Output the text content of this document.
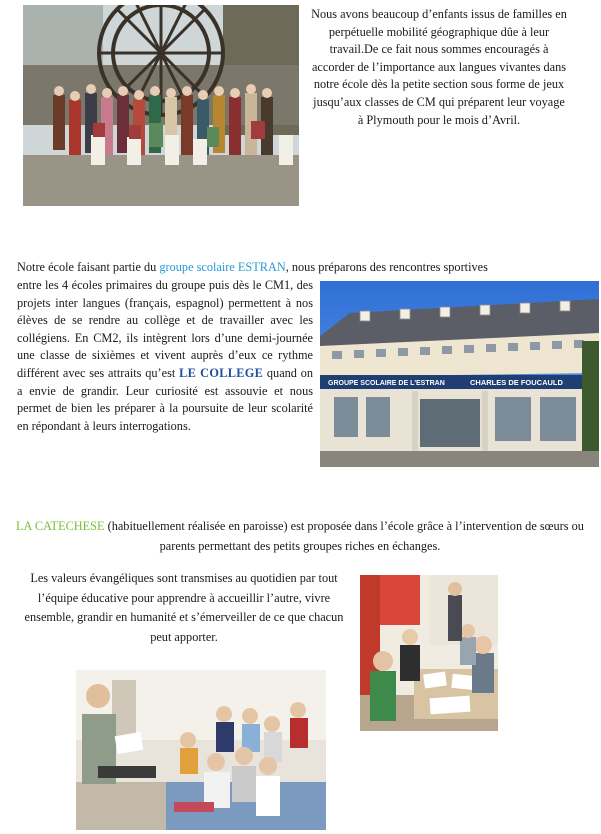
Nous avons beaucoup d’enfants issus de familles en perpétuelle mobilité géographique dûe à leur travail.De ce fait nous sommes encouragés à accorder de l’importance aux langues vivantes dans notre école dès la petite section sous forme de jeux jusqu’aux classes de CM qui préparent leur voyage à Plymouth pour le mois d’Avril.
Notre école faisant partie du groupe scolaire ESTRAN, nous préparons des rencontres sportives
entre les 4 écoles primaires du groupe puis dès le CM1, des projets inter langues (français, espagnol) permettent à nos élèves de se rendre au collège et de travailler avec les collégiens. En CM2, ils intègrent lors d’une demi-journée une classe de sixièmes et vivent auprès d’eux ce rythme différent avec ses attraits qu’est LE COLLEGE quand on a envie de grandir. Leur curiosité est assouvie et nous permet de bien les préparer à la poursuite de leur scolarité en répondant à leurs interrogations.
GROUPE SCOLAIRE DE L'ESTRAN	CHARLES DE FOUCAULD
LA CATECHESE (habituellement réalisée en paroisse) est proposée dans l’école grâce à l’intervention de sœurs ou parents permettant des petits groupes riches en échanges.
Les valeurs évangéliques sont transmises au quotidien par tout l’équipe éducative pour apprendre à accueillir l’autre, vivre ensemble, grandir en humanité et s’émerveiller de ce que chacun peut apporter.
